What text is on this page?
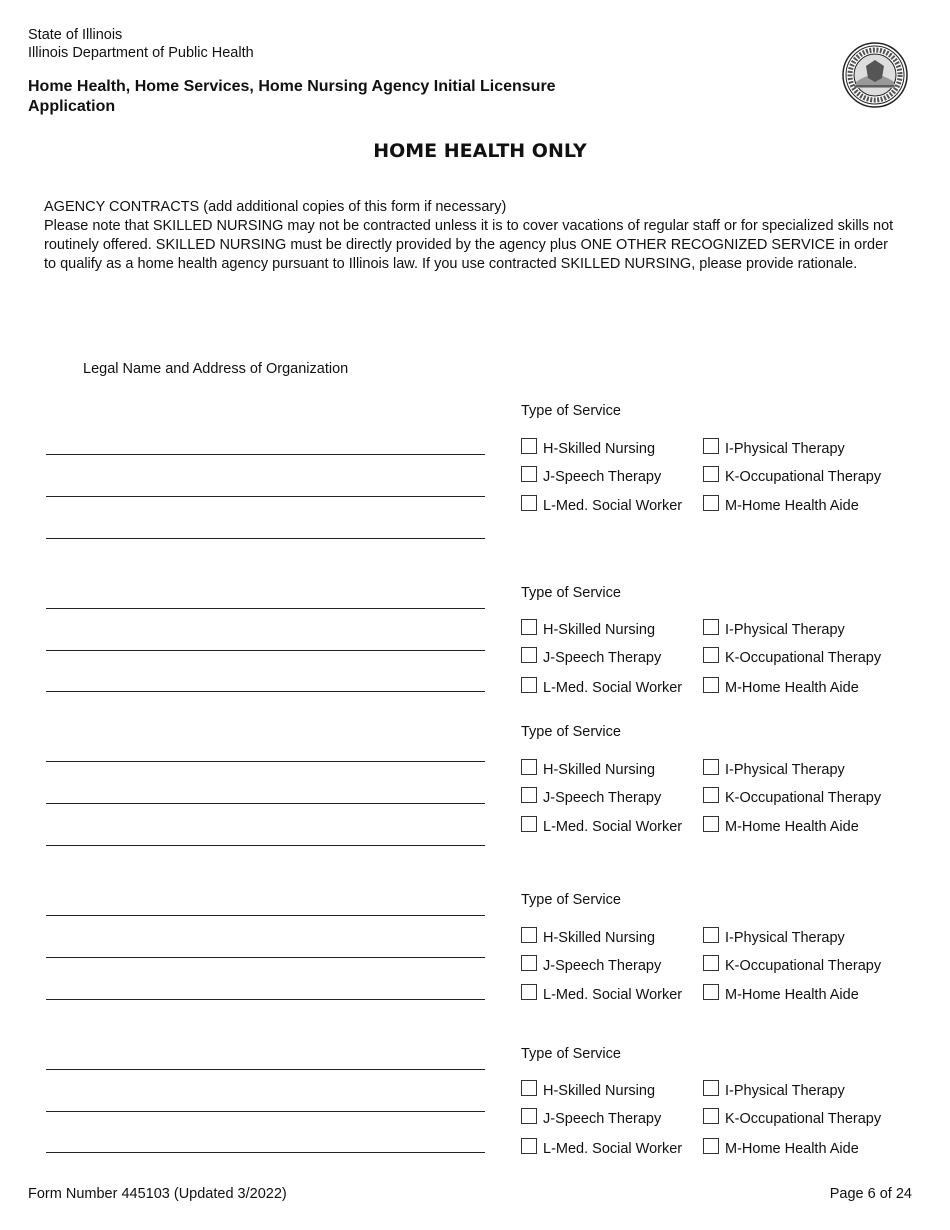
State of Illinois
Illinois Department of Public Health
Home Health, Home Services, Home Nursing Agency Initial Licensure
Application
HOME HEALTH ONLY

AGENCY CONTRACTS (add additional copies of this form if necessary)

Please note that SKILLED NURSING may not be contracted unless it is to cover vacations of regular staff or for specialized skills not routinely offered. SKILLED NURSING must be directly provided by the agency plus ONE OTHER RECOGNIZED SERVICE in order to qualify as a home health agency pursuant to Illinois law. If you use contracted SKILLED NURSING, please provide rationale.

Legal Name and Address of Organization
Type of Service
H-Skilled Nursing	I-Physical Therapy
J-Speech Therapy	K-Occupational Therapy
L-Med. Social Worker	M-Home Health Aide
Type of Service
H-Skilled Nursing	I-Physical Therapy
J-Speech Therapy	K-Occupational Therapy
L-Med. Social Worker	M-Home Health Aide
Type of Service
H-Skilled Nursing	I-Physical Therapy
J-Speech Therapy	K-Occupational Therapy
L-Med. Social Worker	M-Home Health Aide
Type of Service
H-Skilled Nursing	I-Physical Therapy
J-Speech Therapy	K-Occupational Therapy
L-Med. Social Worker	M-Home Health Aide
Type of Service
H-Skilled Nursing	I-Physical Therapy
J-Speech Therapy	K-Occupational Therapy
L-Med. Social Worker	M-Home Health Aide
Form Number 445103 (Updated 3/2022)	Page 6 of 24
